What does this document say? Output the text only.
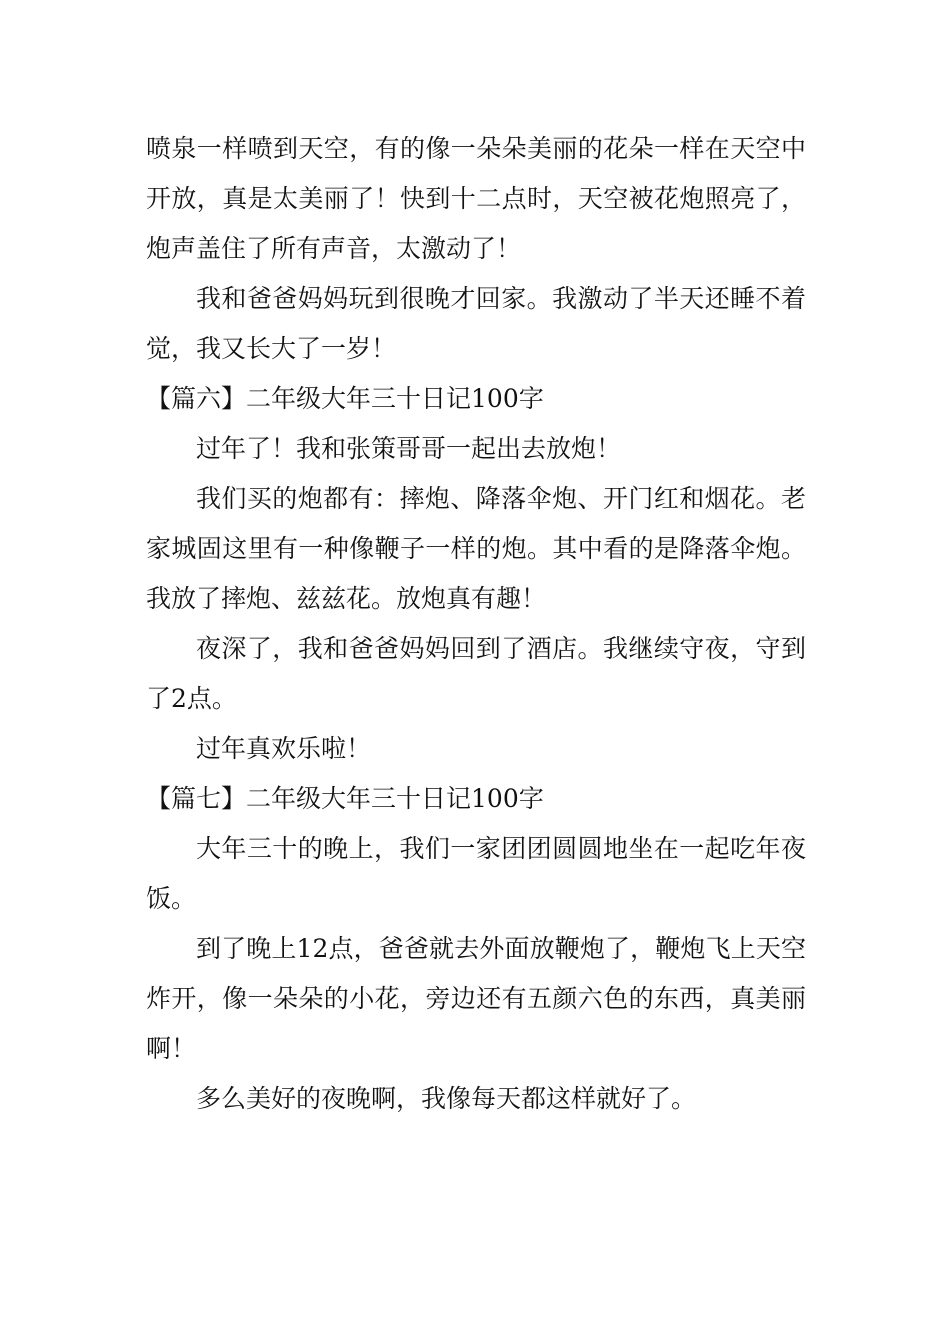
喷泉一样喷到天空，有的像一朵朵美丽的花朵一样在天空中开放，真是太美丽了！快到十二点时，天空被花炮照亮了，炮声盖住了所有声音，太激动了！

我和爸爸妈妈玩到很晚才回家。我激动了半天还睡不着觉，我又长大了一岁！

【篇六】二年级大年三十日记100字

过年了！我和张策哥哥一起出去放炮！

我们买的炮都有：摔炮、降落伞炮、开门红和烟花。老家城固这里有一种像鞭子一样的炮。其中看的是降落伞炮。我放了摔炮、兹兹花。放炮真有趣！

夜深了，我和爸爸妈妈回到了酒店。我继续守夜，守到了2点。

过年真欢乐啦！

【篇七】二年级大年三十日记100字

大年三十的晚上，我们一家团团圆圆地坐在一起吃年夜饭。

到了晚上12点，爸爸就去外面放鞭炮了，鞭炮飞上天空炸开，像一朵朵的小花，旁边还有五颜六色的东西，真美丽啊！

多么美好的夜晚啊，我像每天都这样就好了。
